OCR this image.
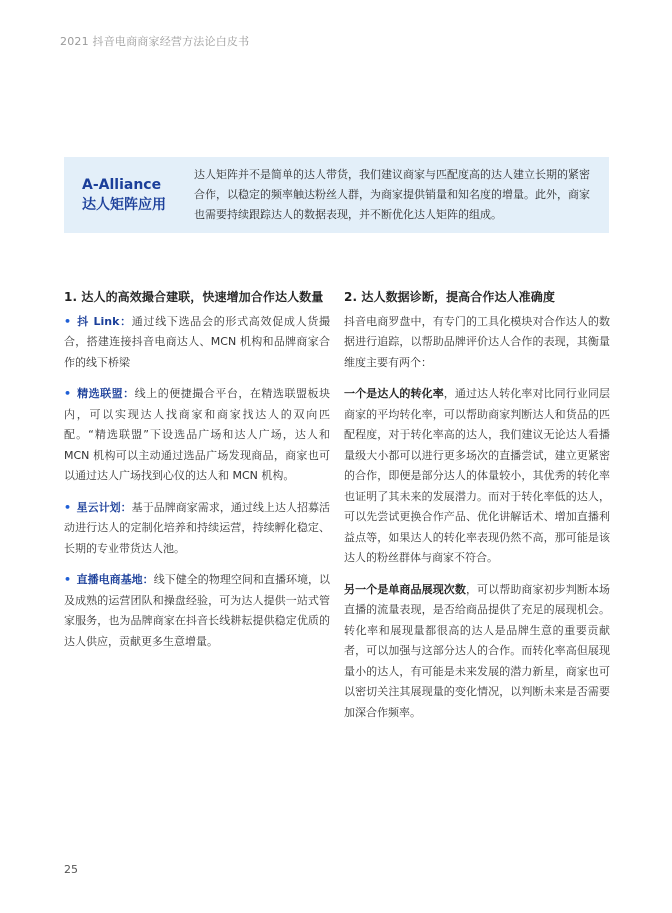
2021 抖音电商商家经营方法论白皮书
A-Alliance
达人矩阵应用
达人矩阵并不是简单的达人带货，我们建议商家与匹配度高的达人建立长期的紧密合作，以稳定的频率触达粉丝人群，为商家提供销量和知名度的增量。此外，商家也需要持续跟踪达人的数据表现，并不断优化达人矩阵的组成。
1. 达人的高效撮合建联，快速增加合作达人数量

• 抖 Link：通过线下选品会的形式高效促成人货撮合，搭建连接抖音电商达人、MCN 机构和品牌商家合作的线下桥梁

• 精选联盟：线上的便捷撮合平台，在精选联盟板块内，可以实现达人找商家和商家找达人的双向匹配。“精选联盟”下设选品广场和达人广场，达人和 MCN 机构可以主动通过选品广场发现商品，商家也可以通过达人广场找到心仪的达人和 MCN 机构。

• 星云计划：基于品牌商家需求，通过线上达人招募活动进行达人的定制化培养和持续运营，持续孵化稳定、长期的专业带货达人池。

• 直播电商基地：线下健全的物理空间和直播环境，以及成熟的运营团队和操盘经验，可为达人提供一站式管家服务，也为品牌商家在抖音长线耕耘提供稳定优质的达人供应，贡献更多生意增量。

2. 达人数据诊断，提高合作达人准确度

抖音电商罗盘中，有专门的工具化模块对合作达人的数据进行追踪，以帮助品牌评价达人合作的表现，其衡量维度主要有两个：

一个是达人的转化率，通过达人转化率对比同行业同层商家的平均转化率，可以帮助商家判断达人和货品的匹配程度，对于转化率高的达人，我们建议无论达人看播量级大小都可以进行更多场次的直播尝试，建立更紧密的合作，即便是部分达人的体量较小，其优秀的转化率也证明了其未来的发展潜力。而对于转化率低的达人，可以先尝试更换合作产品、优化讲解话术、增加直播利益点等，如果达人的转化率表现仍然不高，那可能是该达人的粉丝群体与商家不符合。

另一个是单商品展现次数，可以帮助商家初步判断本场直播的流量表现，是否给商品提供了充足的展现机会。转化率和展现量都很高的达人是品牌生意的重要贡献者，可以加强与这部分达人的合作。而转化率高但展现量小的达人，有可能是未来发展的潜力新星，商家也可以密切关注其展现量的变化情况，以判断未来是否需要加深合作频率。

25
